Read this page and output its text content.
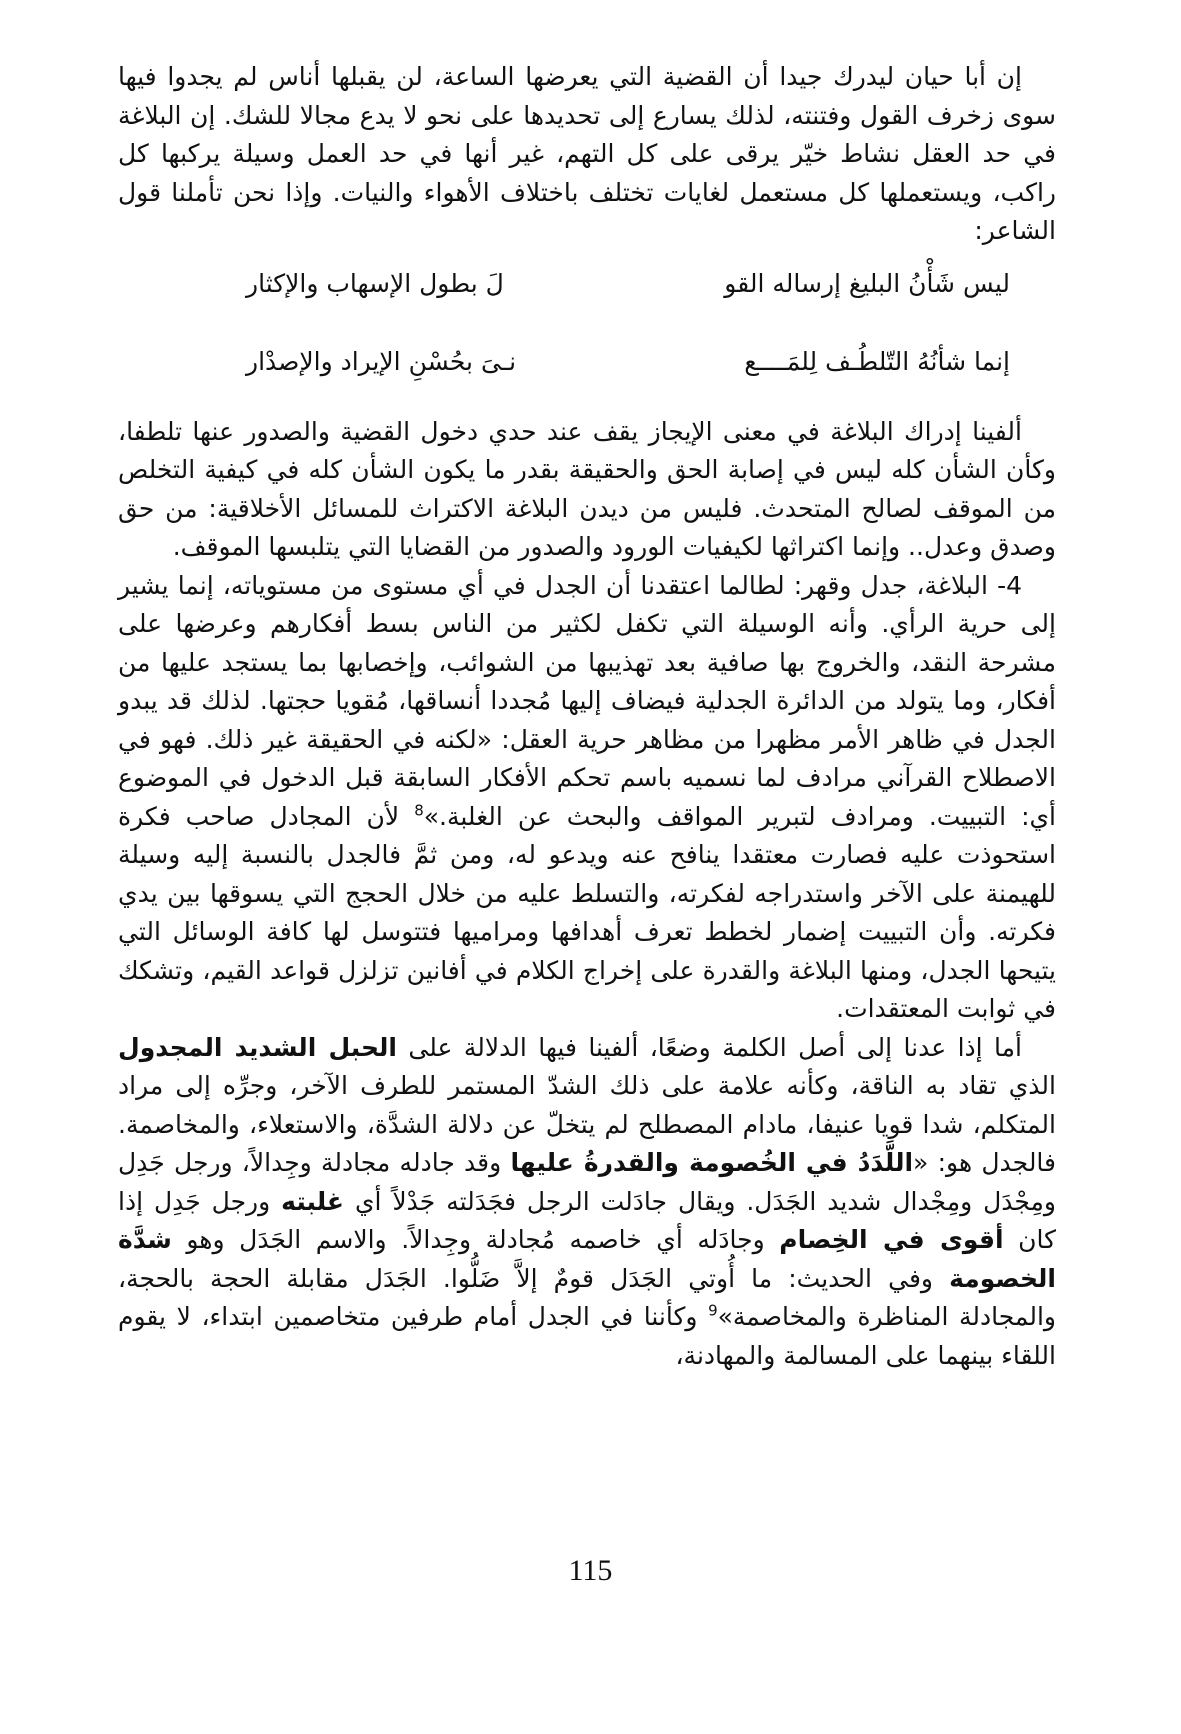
إن أبا حيان ليدرك جيدا أن القضية التي يعرضها الساعة، لن يقبلها أناس لم يجدوا فيها سوى زخرف القول وفتنته، لذلك يسارع إلى تحديدها على نحو لا يدع مجالا للشك. إن البلاغة في حد العقل نشاط خيّر يرقى على كل التهم، غير أنها في حد العمل وسيلة يركبها كل راكب، ويستعملها كل مستعمل لغايات تختلف باختلاف الأهواء والنيات. وإذا نحن تأملنا قول الشاعر:

ليس شَأْنُ البليغ إرساله القو
لَ بطول الإسهاب والإكثار
إنما شأنُهُ التّلطُـف لِلمَــــع
نـىَ بحُسْنِ الإيراد والإصدْار

ألفينا إدراك البلاغة في معنى الإيجاز يقف عند حدي دخول القضية والصدور عنها تلطفا، وكأن الشأن كله ليس في إصابة الحق والحقيقة بقدر ما يكون الشأن كله في كيفية التخلص من الموقف لصالح المتحدث. فليس من ديدن البلاغة الاكتراث للمسائل الأخلاقية: من حق وصدق وعدل.. وإنما اكتراثها لكيفيات الورود والصدور من القضايا التي يتلبسها الموقف.

4- البلاغة، جدل وقهر: لطالما اعتقدنا أن الجدل في أي مستوى من مستوياته، إنما يشير إلى حرية الرأي. وأنه الوسيلة التي تكفل لكثير من الناس بسط أفكارهم وعرضها على مشرحة النقد، والخروج بها صافية بعد تهذيبها من الشوائب، وإخصابها بما يستجد عليها من أفكار، وما يتولد من الدائرة الجدلية فيضاف إليها مُجددا أنساقها، مُقويا حجتها. لذلك قد يبدو الجدل في ظاهر الأمر مظهرا من مظاهر حرية العقل: «لكنه في الحقيقة غير ذلك. فهو في الاصطلاح القرآني مرادف لما نسميه باسم تحكم الأفكار السابقة قبل الدخول في الموضوع أي: التبييت. ومرادف لتبرير المواقف والبحث عن الغلبة.»$^8$ لأن المجادل صاحب فكرة استحوذت عليه فصارت معتقدا ينافح عنه ويدعو له، ومن ثمَّ فالجدل بالنسبة إليه وسيلة للهيمنة على الآخر واستدراجه لفكرته، والتسلط عليه من خلال الحجج التي يسوقها بين يدي فكرته. وأن التبييت إضمار لخطط تعرف أهدافها ومراميها فتتوسل لها كافة الوسائل التي يتيحها الجدل، ومنها البلاغة والقدرة على إخراج الكلام في أفانين تزلزل قواعد القيم، وتشكك في ثوابت المعتقدات.

أما إذا عدنا إلى أصل الكلمة وضعًا، ألفينا فيها الدلالة على الحبل الشديد المجدول الذي تقاد به الناقة، وكأنه علامة على ذلك الشدّ المستمر للطرف الآخر، وجرِّه إلى مراد المتكلم، شدا قويا عنيفا، مادام المصطلح لم يتخلّ عن دلالة الشدَّة، والاستعلاء، والمخاصمة. فالجدل هو: «اللَّدَدُ في الخُصومة والقدرةُ عليها وقد جادله مجادلة وجِدالاً، ورجل جَدِل ومِجْدَل ومِجْدال شديد الجَدَل. ويقال جادَلت الرجل فجَدَلته جَدْلاً أي غلبته ورجل جَدِل إذا كان أقوى في الخِصام وجادَله أي خاصمه مُجادلة وجِدالاً. والاسم الجَدَل وهو شدَّة الخصومة وفي الحديث: ما أُوتي الجَدَل قومٌ إلاَّ ضَلُّوا. الجَدَل مقابلة الحجة بالحجة، والمجادلة المناظرة والمخاصمة»$^9$ وكأننا في الجدل أمام طرفين متخاصمين ابتداء، لا يقوم اللقاء بينهما على المسالمة والمهادنة،

115
